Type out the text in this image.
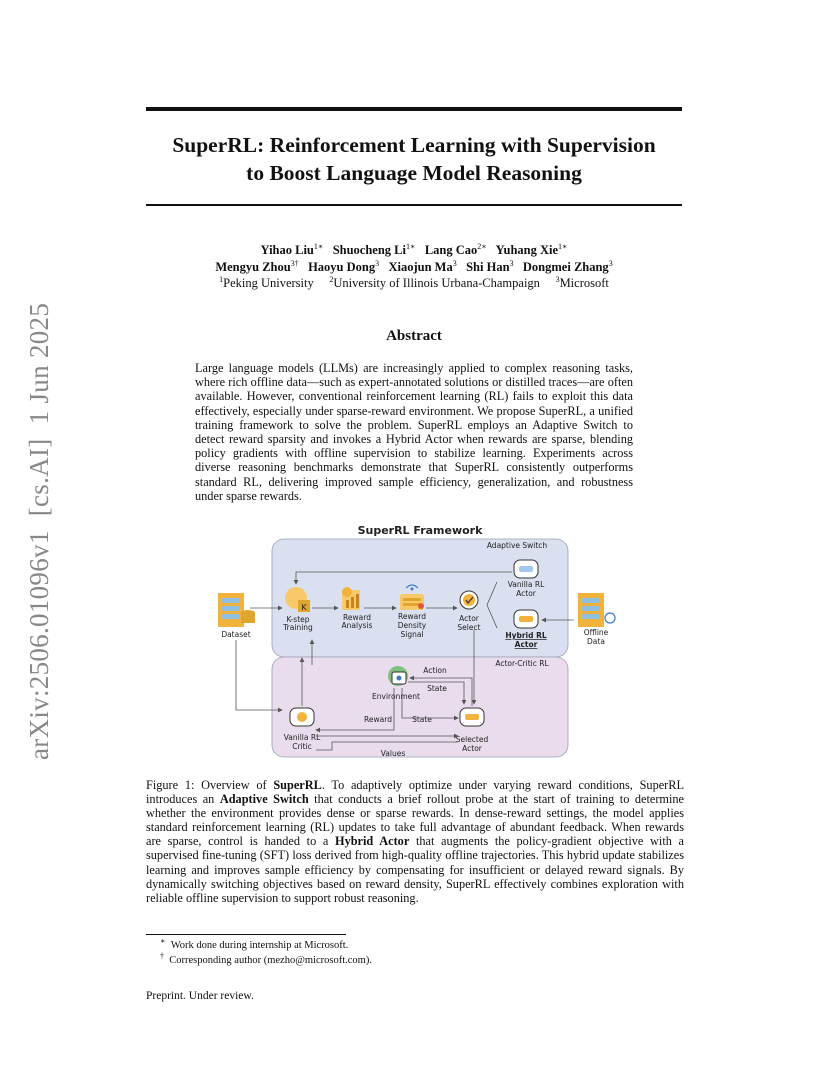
arXiv:2506.01096v1  [cs.AI]  1 Jun 2025
SuperRL: Reinforcement Learning with Supervision
to Boost Language Model Reasoning
Yihao Liu$^{1∗}$ Shuocheng $Li^{1∗}$ Lang Cao$^{2∗}$ Yuhang Xie$^{1∗}$
Mengyu Zhou$^{3\dagger}$ Haoyu Dong$^3$ Xiaojun Ma$^3$ Shi Han$^3$ Dongmei Zhang$^3$
$^1$Peking University $^2$University of Illinois Urbana-Champaign $^3$Microsoft
Abstract
Large language models (LLMs) are increasingly applied to complex reasoning tasks, where rich offline data—such as expert-annotated solutions or distilled traces—are often available. However, conventional reinforcement learning (RL) fails to exploit this data effectively, especially under sparse-reward environment. We propose SuperRL, a unified training framework to solve the problem. SuperRL employs an Adaptive Switch to detect reward sparsity and invokes a Hybrid Actor when rewards are sparse, blending policy gradients with offline supervision to stabilize learning. Experiments across diverse reasoning benchmarks demonstrate that SuperRL consistently outperforms standard RL, delivering improved sample efficiency, generalization, and robustness under sparse rewards.
SuperRL Framework
Adaptive Switch
Actor-Critic RL
Dataset
K
K-step
Training
Reward
Analysis
Reward
Density
Signal
Actor
Select
Vanilla RL
Actor
Hybrid RL
Actor
Offline
Data
Action
Environment
State
Reward	State
Vanilla RL
Critic
Selected
Actor
Values
Figure 1: Overview of SuperRL. To adaptively optimize under varying reward conditions, SuperRL introduces an Adaptive Switch that conducts a brief rollout probe at the start of training to determine whether the environment provides dense or sparse rewards. In dense-reward settings, the model applies standard reinforcement learning (RL) updates to take full advantage of abundant feedback. When rewards are sparse, control is handed to a Hybrid Actor that augments the policy-gradient objective with a supervised fine-tuning (SFT) loss derived from high-quality offline trajectories. This hybrid update stabilizes learning and improves sample efficiency by compensating for insufficient or delayed reward signals. By dynamically switching objectives based on reward density, SuperRL effectively combines exploration with reliable offline supervision to support robust reasoning.
∗ Work done during internship at Microsoft.
† Corresponding author (mezho@microsoft.com).
Preprint. Under review.
